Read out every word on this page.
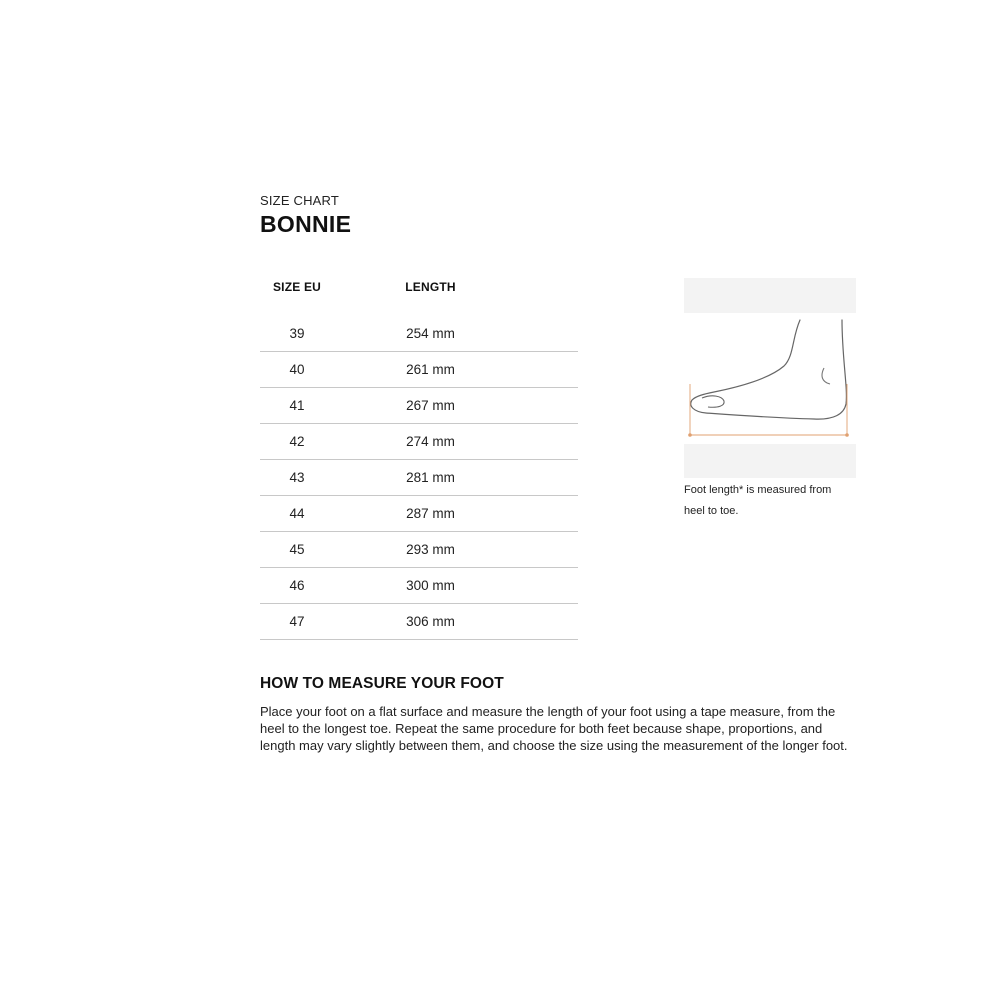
SIZE CHART
BONNIE
SIZE EU	LENGTH
39	254 mm
40	261 mm
41	267 mm
42	274 mm
43	281 mm
44	287 mm
45	293 mm
46	300 mm
47	306 mm
Foot length* is measured from
heel to toe.
HOW TO MEASURE YOUR FOOT
Place your foot on a flat surface and measure the length of your foot using a tape measure, from the heel to the longest toe. Repeat the same procedure for both feet because shape, proportions, and length may vary slightly between them, and choose the size using the measurement of the longer foot.
